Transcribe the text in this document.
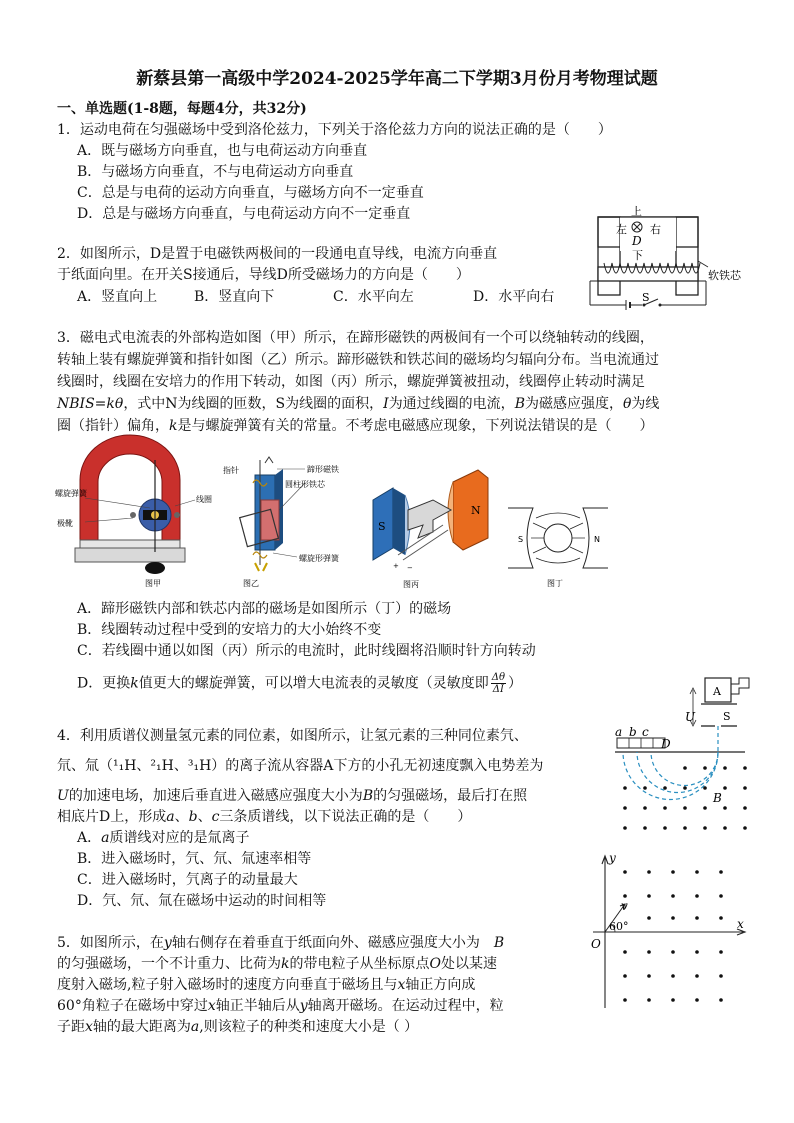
新蔡县第一高级中学2024-2025学年高二下学期3月份月考物理试题
一、单选题(1-8题，每题4分，共32分)
1．运动电荷在匀强磁场中受到洛伦兹力，下列关于洛伦兹力方向的说法正确的是（　　）
A．既与磁场方向垂直，也与电荷运动方向垂直
B．与磁场方向垂直，不与电荷运动方向垂直
C．总是与电荷的运动方向垂直，与磁场方向不一定垂直
D．总是与磁场方向垂直，与电荷运动方向不一定垂直
2．如图所示，D是置于电磁铁两极间的一段通电直导线，电流方向垂直
于纸面向里。在开关S接通后，导线D所受磁场力的方向是（　　）
A．竖直向上	B．竖直向下	C．水平向左	D．水平向右
上
左 右
D
下
软铁芯
S
3．磁电式电流表的外部构造如图（甲）所示，在蹄形磁铁的两极间有一个可以绕轴转动的线圈，
转轴上装有螺旋弹簧和指针如图（乙）所示。蹄形磁铁和铁芯间的磁场均匀辐向分布。当电流通过
线圈时，线圈在安培力的作用下转动，如图（丙）所示，螺旋弹簧被扭动，线圈停止转动时满足
NBIS=kθ，式中N为线圈的匝数，S为线圈的面积，I为通过线圈的电流，B为磁感应强度，θ为线
圈（指针）偏角，k是与螺旋弹簧有关的常量。不考虑电磁感应现象，下列说法错误的是（　　）
螺旋弹簧
线圈
极靴
图甲
指针	蹄形磁铁
圆柱形铁芯
螺旋形弹簧
图乙
S
N
+ −
图丙
S	N
图丁
A．蹄形磁铁内部和铁芯内部的磁场是如图所示（丁）的磁场
B．线圈转动过程中受到的安培力的大小始终不变
C．若线圈中通以如图（丙）所示的电流时，此时线圈将沿顺时针方向转动
D．更换k值更大的螺旋弹簧，可以增大电流表的灵敏度（灵敏度即 $\frac{\Delta\theta}{\Delta I}$ ）
4．利用质谱仪测量氢元素的同位素，如图所示，让氢元素的三种同位素氕、
氘、氚（¹₁H、²₁H、³₁H）的离子流从容器A下方的小孔无初速度飘入电势差为
U的加速电场，加速后垂直进入磁感应强度大小为B的匀强磁场，最后打在照
相底片D上，形成a、b、c三条质谱线，以下说法正确的是（　　）
A．a质谱线对应的是氚离子
B．进入磁场时，氕、氘、氚速率相等
C．进入磁场时，氕离子的动量最大
D．氕、氘、氚在磁场中运动的时间相等
A
U	S
a b c
D
B
5．如图所示，在y轴右侧存在着垂直于纸面向外、磁感应强度大小为 B
的匀强磁场，一个不计重力、比荷为k的带电粒子从坐标原点O处以某速
度射入磁场,粒子射入磁场时的速度方向垂直于磁场且与x轴正方向成
60°角粒子在磁场中穿过x轴正半轴后从y轴离开磁场。在运动过程中，粒
子距x轴的最大距离为a,则该粒子的种类和速度大小是（ ）
y
x
O
v
60°
